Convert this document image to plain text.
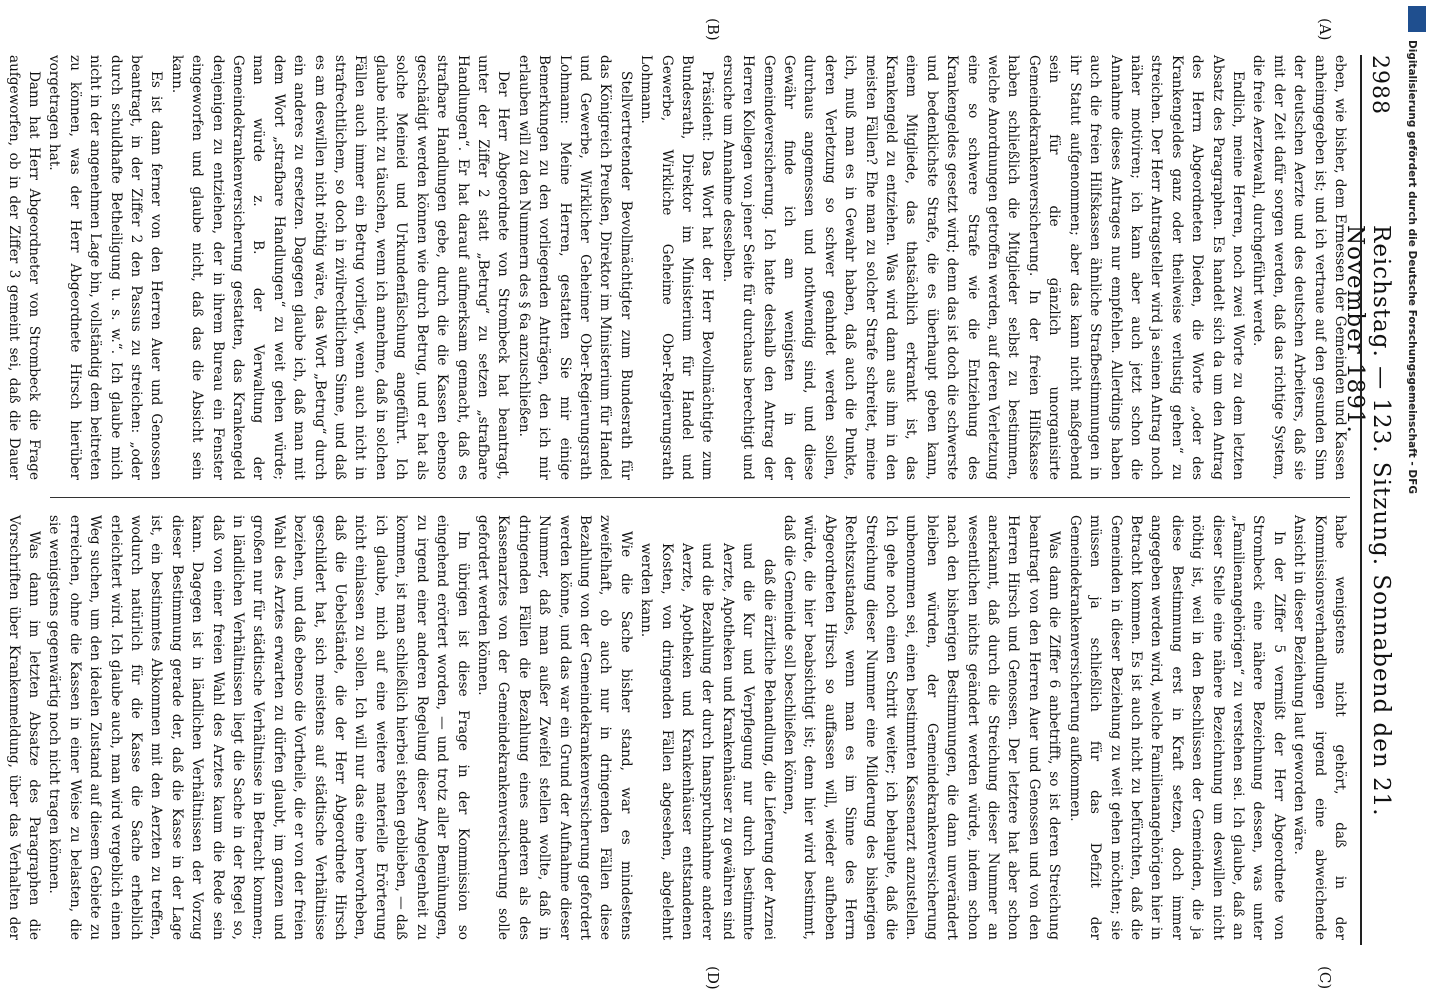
2988
Reichstag. — 123. Sitzung. Sonnabend den 21. November 1891.
(A)
(B)
(C)
(D)

eben, wie bisher, dem Ermessen der Gemeinden und Kassen anheimgegeben ist; und ich vertraue auf den gesunden Sinn der deutschen Aerzte und des deutschen Arbeiters, daß sie mit der Zeit dafür sorgen werden, daß das richtige System, die freie Aerztewahl, durchgeführt werde.

Endlich, meine Herren, noch zwei Worte zu dem letzten Absatz des Paragraphen. Es handelt sich da um den Antrag des Herrn Abgeordneten Dieden, die Worte „oder des Krankengeldes ganz oder theilweise verlustig gehen“ zu streichen. Der Herr Antragsteller wird ja seinen Antrag noch näher motiviren; ich kann aber auch jetzt schon die Annahme dieses Antrages nur empfehlen. Allerdings haben auch die freien Hilfskassen ähnliche Strafbestimmungen in ihr Statut aufgenommen; aber das kann nicht maßgebend sein für die gänzlich unorganisirte Gemeindekrankenversicherung. In der freien Hilfskasse haben schließlich die Mitglieder selbst zu bestimmen, welche Anordnungen getroffen werden, auf deren Verletzung eine so schwere Strafe wie die Entziehung des Krankengeldes gesetzt wird; denn das ist doch die schwerste und bedenklichste Strafe, die es überhaupt geben kann, einem Mitgliede, das thatsächlich erkrankt ist, das Krankengeld zu entziehen. Was wird dann aus ihm in den meisten Fällen? Ehe man zu solcher Strafe schreitet, meine ich, muß man es in Gewahr haben, daß auch die Punkte, deren Verletzung so schwer geahndet werden sollen, durchaus angemessen und nothwendig sind, und diese Gewähr finde ich am wenigsten in der Gemeindeversicherung. Ich hatte deshalb den Antrag der Herren Kollegen von jener Seite für durchaus berechtigt und ersuche um Annahme desselben.

Präsident: Das Wort hat der Herr Bevollmächtigte zum Bundesrath, Direktor im Ministerium für Handel und Gewerbe, Wirkliche Geheime Ober-Regierungsrath Lohmann.

Stellvertretender Bevollmächtigter zum Bundesrath für das Königreich Preußen, Direktor im Ministerium für Handel und Gewerbe, Wirklicher Geheimer Ober-Regierungsrath Lohmann: Meine Herren, gestatten Sie mir einige Bemerkungen zu den vorliegenden Anträgen, den ich mir erlauben will zu den Nummern des § 6a anzuschließen.

Der Herr Abgeordnete von Strombeck hat beantragt, unter der Ziffer 2 statt „Betrug“ zu setzen „strafbare Handlungen“. Er hat darauf aufmerksam gemacht, daß es strafbare Handlungen gebe, durch die die Kassen ebenso geschädigt werden können wie durch Betrug, und er hat als solche Meineid und Urkundenfälschung angeführt. Ich glaube nicht zu täuschen, wenn ich annehme, daß in solchen Fällen auch immer ein Betrug vorliegt, wenn auch nicht in strafrechtlichem, so doch in zivilrechtlichem Sinne, und daß es am deswillen nicht nöthig wäre, das Wort „Betrug“ durch ein anderes zu ersetzen. Dagegen glaube ich, daß man mit dem Wort „strafbare Handlungen“ zu weit gehen würde; man würde z. B. der Verwaltung der Gemeindekrankenversicherung gestatten, das Krankengeld denjenigen zu entziehen, der in ihrem Bureau ein Fenster eingeworfen und glaube nicht, daß das die Absicht sein kann.

Es ist dann ferner von den Herren Auer und Genossen beantragt, in der Ziffer 2 den Passus zu streichen: „oder durch schuldhafte Betheiligung u. s. w.“. Ich glaube mich nicht in der angenehmen Lage bin, vollständig dem beitreten zu können, was der Herr Abgeordnete Hirsch hierüber vorgetragen hat.

Dann hat Herr Abgeordneter von Strombeck die Frage aufgeworfen, ob in der Ziffer 3 gemeint sei, daß die Dauer

habe wenigstens nicht gehört, daß in der Kommissionsverhandlungen irgend eine abweichende Ansicht in dieser Beziehung laut geworden wäre.

In der Ziffer 5 vermißt der Herr Abgeordnete von Strombeck eine nähere Bezeichnung dessen, was unter „Familienangehörigen“ zu verstehen sei. Ich glaube, daß an dieser Stelle eine nähere Bezeichnung um deswillen nicht nöthig ist, weil in den Beschlüssen der Gemeinden, die ja diese Bestimmung erst in Kraft setzen, doch immer angegeben werden wird, welche Familienangehörigen hier in Betracht kommen. Es ist auch nicht zu befürchten, daß die Gemeinden in dieser Beziehung zu weit gehen möchten; sie müssen ja schließlich für das Defizit der Gemeindekrankenversicherung aufkommen.

Was dann die Ziffer 6 anbetrifft, so ist deren Streichung beantragt von den Herren Auer und Genossen und von den Herren Hirsch und Genossen. Der letztere hat aber schon anerkannt, daß durch die Streichung dieser Nummer an wesentlichen nichts geändert werden würde, indem schon nach den bisherigen Bestimmungen, die dann unverändert bleiben würden, der Gemeindekrankenversicherung unbenommen sei, einen bestimmten Kassenarzt anzustellen. Ich gehe noch einen Schritt weiter; ich behaupte, daß die Streichung dieser Nummer eine Milderung des bisherigen Rechtszustandes, wenn man es im Sinne des Herrn Abgeordneten Hirsch so auffassen will, wieder aufheben würde, die hier beabsichtigt ist; denn hier wird bestimmt, daß die Gemeinde soll beschließen können,

daß die ärztliche Behandlung, die Lieferung der Arznei und die Kur und Verpflegung nur durch bestimmte Aerzte, Apotheken und Krankenhäuser zu gewähren sind und die Bezahlung der durch Inanspruchnahme anderer Aerzte, Apotheken und Krankenhäuser entstandenen Kosten, von dringenden Fällen abgesehen, abgelehnt werden kann.

Wie die Sache bisher stand, war es mindestens zweifelhaft, ob auch nur in dringenden Fällen diese Bezahlung von der Gemeindekrankenversicherung gefordert werden könne, und das war ein Grund der Aufnahme dieser Nummer, daß man außer Zweifel stellen wollte, daß in dringenden Fällen die Bezahlung eines anderen als des Kassenarztes von der Gemeindekrankenversicherung solle gefordert werden können.

Im übrigen ist diese Frage in der Kommission so eingehend erörtert worden, — und trotz aller Bemühungen, zu irgend einer anderen Regelung dieser Angelegenheit zu kommen, ist man schließlich hierbei stehen geblieben, — daß ich glaube, mich auf eine weitere materielle Erörterung nicht einlassen zu sollen. Ich will nur das eine hervorheben, daß die Uebelstände, die der Herr Abgeordnete Hirsch geschildert hat, sich meistens auf städtische Verhältnisse beziehen, und daß ebenso die Vortheile, die er von der freien Wahl des Arztes erwarten zu dürfen glaubt, im ganzen und großen nur für städtische Verhältnisse in Betracht kommen; in ländlichen Verhältnissen liegt die Sache in der Regel so, daß von einer freien Wahl des Arztes kaum die Rede sein kann. Dagegen ist in ländlichen Verhältnissen der Vorzug dieser Bestimmung gerade der, daß die Kasse in der Lage ist, ein bestimmtes Abkommen mit den Aerzten zu treffen, wodurch natürlich für die Kasse die Sache erheblich erleichtert wird. Ich glaube auch, man wird vergeblich einen Weg suchen, um den idealen Zustand auf diesem Gebiete zu erreichen, ohne die Kassen in einer Weise zu belasten, die sie wenigstens gegenwärtig noch nicht tragen können.

Was dann im letzten Absatze des Paragraphen die Vorschriften über Krankenmeldung, über das Verhalten der

Digitalisierung gefördert durch die Deutsche Forschungsgemeinschaft - DFG
